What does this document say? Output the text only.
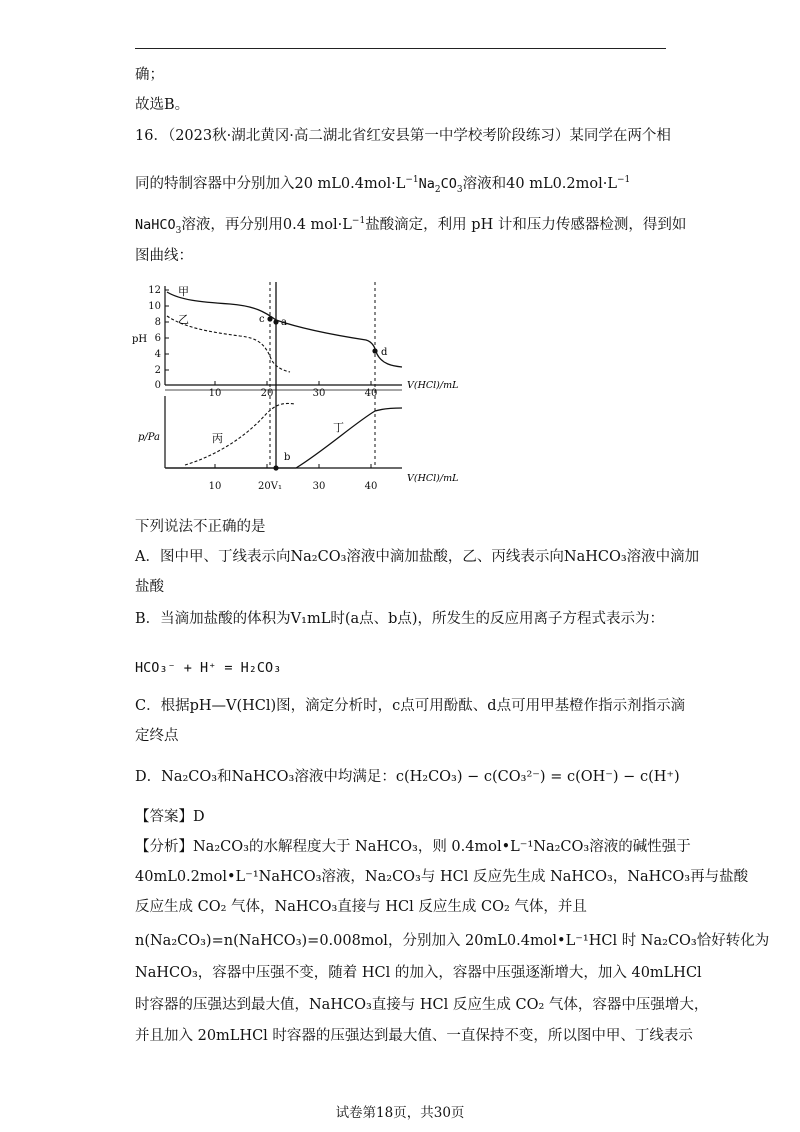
确；
故选B。
16．（2023秋·湖北黄冈·高二湖北省红安县第一中学校考阶段练习）某同学在两个相
同的特制容器中分别加入20 $mL0.4mol\cdot L^{-1}Na_2CO_3$溶液和40 $mL0.2mol\cdot L^{-1}$
NaHCO$_3$溶液，再分别用0.4 $mol\cdot L^{-1}$盐酸滴定，利用 pH 计和压力传感器检测，得到如
图曲线：
12
10
8
6
4
2
0
pH
10	20	30	40
V(HCl)/mL
c a
d
甲
乙
p/Pa
b
丙
丁
10	20V₁	30	40
V(HCl)/mL
下列说法不正确的是
A．图中甲、丁线表示向Na₂CO₃溶液中滴加盐酸，乙、丙线表示向NaHCO₃溶液中滴加
盐酸
B．当滴加盐酸的体积为V₁mL时(a点、b点)，所发生的反应用离子方程式表示为：
HCO₃⁻ + H⁺ = H₂CO₃
C．根据pH—V(HCl)图，滴定分析时，c点可用酚酞、d点可用甲基橙作指示剂指示滴
定终点
D．Na₂CO₃和NaHCO₃溶液中均满足：c(H₂CO₃) − c(CO₃²⁻) = c(OH⁻) − c(H⁺)
【答案】D
【分析】Na₂CO₃的水解程度大于 NaHCO₃，则 0.4mol•L⁻¹Na₂CO₃溶液的碱性强于
40mL0.2mol•L⁻¹NaHCO₃溶液，Na₂CO₃与 HCl 反应先生成 NaHCO₃，NaHCO₃再与盐酸
反应生成 CO₂ 气体，NaHCO₃直接与 HCl 反应生成 CO₂ 气体，并且
n(Na₂CO₃)=n(NaHCO₃)=0.008mol，分别加入 20mL0.4mol•L⁻¹HCl 时 Na₂CO₃恰好转化为
NaHCO₃，容器中压强不变，随着 HCl 的加入，容器中压强逐渐增大，加入 40mLHCl
时容器的压强达到最大值，NaHCO₃直接与 HCl 反应生成 CO₂ 气体，容器中压强增大，
并且加入 20mLHCl 时容器的压强达到最大值、一直保持不变，所以图中甲、丁线表示
试卷第18页，共30页
